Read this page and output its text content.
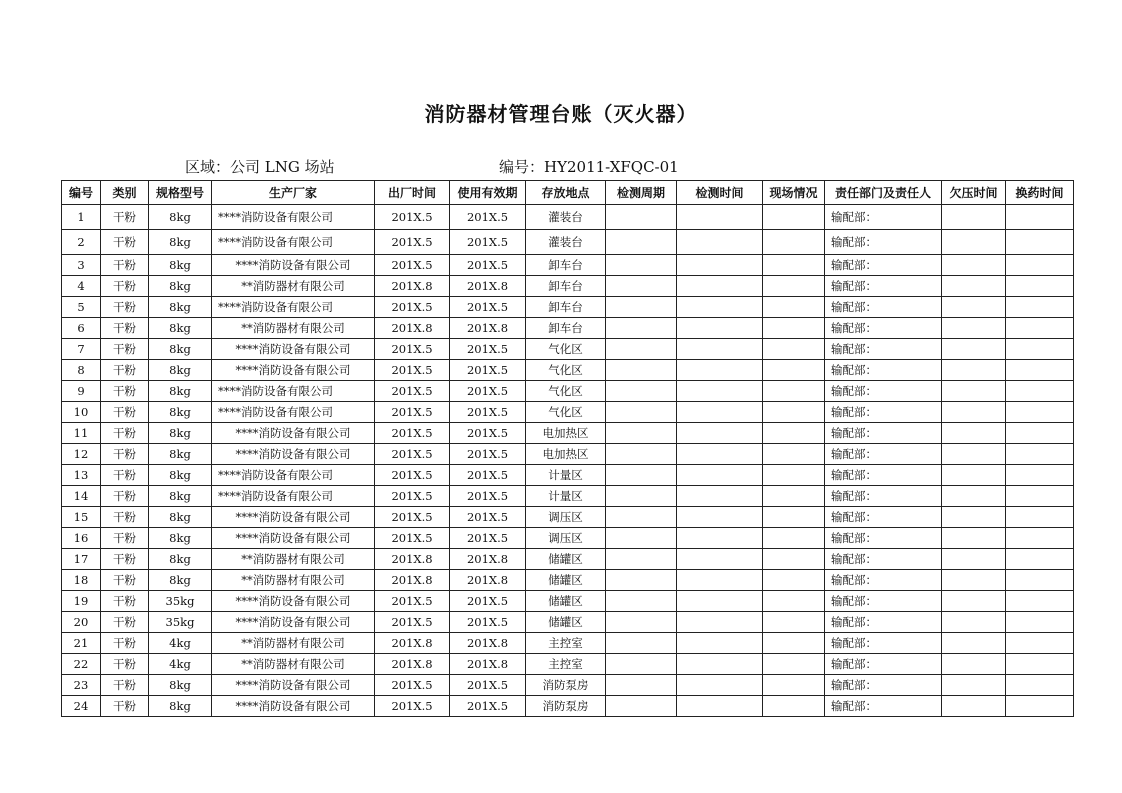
消防器材管理台账（灭火器）
区域：公司 LNG 场站	编号：HY2011-XFQC-01
编号	类别	规格型号	生产厂家	出厂时间	使用有效期	存放地点	检测周期	检测时间	现场情况	责任部门及责任人	欠压时间	换药时间
1	干粉	8kg	****消防设备有限公司	201X.5	201X.5	灌装台				输配部：		
2	干粉	8kg	****消防设备有限公司	201X.5	201X.5	灌装台				输配部：		
3	干粉	8kg	****消防设备有限公司	201X.5	201X.5	卸车台				输配部：		
4	干粉	8kg	**消防器材有限公司	201X.8	201X.8	卸车台				输配部：		
5	干粉	8kg	****消防设备有限公司	201X.5	201X.5	卸车台				输配部：		
6	干粉	8kg	**消防器材有限公司	201X.8	201X.8	卸车台				输配部：		
7	干粉	8kg	****消防设备有限公司	201X.5	201X.5	气化区				输配部：		
8	干粉	8kg	****消防设备有限公司	201X.5	201X.5	气化区				输配部：		
9	干粉	8kg	****消防设备有限公司	201X.5	201X.5	气化区				输配部：		
10	干粉	8kg	****消防设备有限公司	201X.5	201X.5	气化区				输配部：		
11	干粉	8kg	****消防设备有限公司	201X.5	201X.5	电加热区				输配部：		
12	干粉	8kg	****消防设备有限公司	201X.5	201X.5	电加热区				输配部：		
13	干粉	8kg	****消防设备有限公司	201X.5	201X.5	计量区				输配部：		
14	干粉	8kg	****消防设备有限公司	201X.5	201X.5	计量区				输配部：		
15	干粉	8kg	****消防设备有限公司	201X.5	201X.5	调压区				输配部：		
16	干粉	8kg	****消防设备有限公司	201X.5	201X.5	调压区				输配部：		
17	干粉	8kg	**消防器材有限公司	201X.8	201X.8	储罐区				输配部：		
18	干粉	8kg	**消防器材有限公司	201X.8	201X.8	储罐区				输配部：		
19	干粉	35kg	****消防设备有限公司	201X.5	201X.5	储罐区				输配部：		
20	干粉	35kg	****消防设备有限公司	201X.5	201X.5	储罐区				输配部：		
21	干粉	4kg	**消防器材有限公司	201X.8	201X.8	主控室				输配部：		
22	干粉	4kg	**消防器材有限公司	201X.8	201X.8	主控室				输配部：		
23	干粉	8kg	****消防设备有限公司	201X.5	201X.5	消防泵房				输配部：		
24	干粉	8kg	****消防设备有限公司	201X.5	201X.5	消防泵房				输配部：		
